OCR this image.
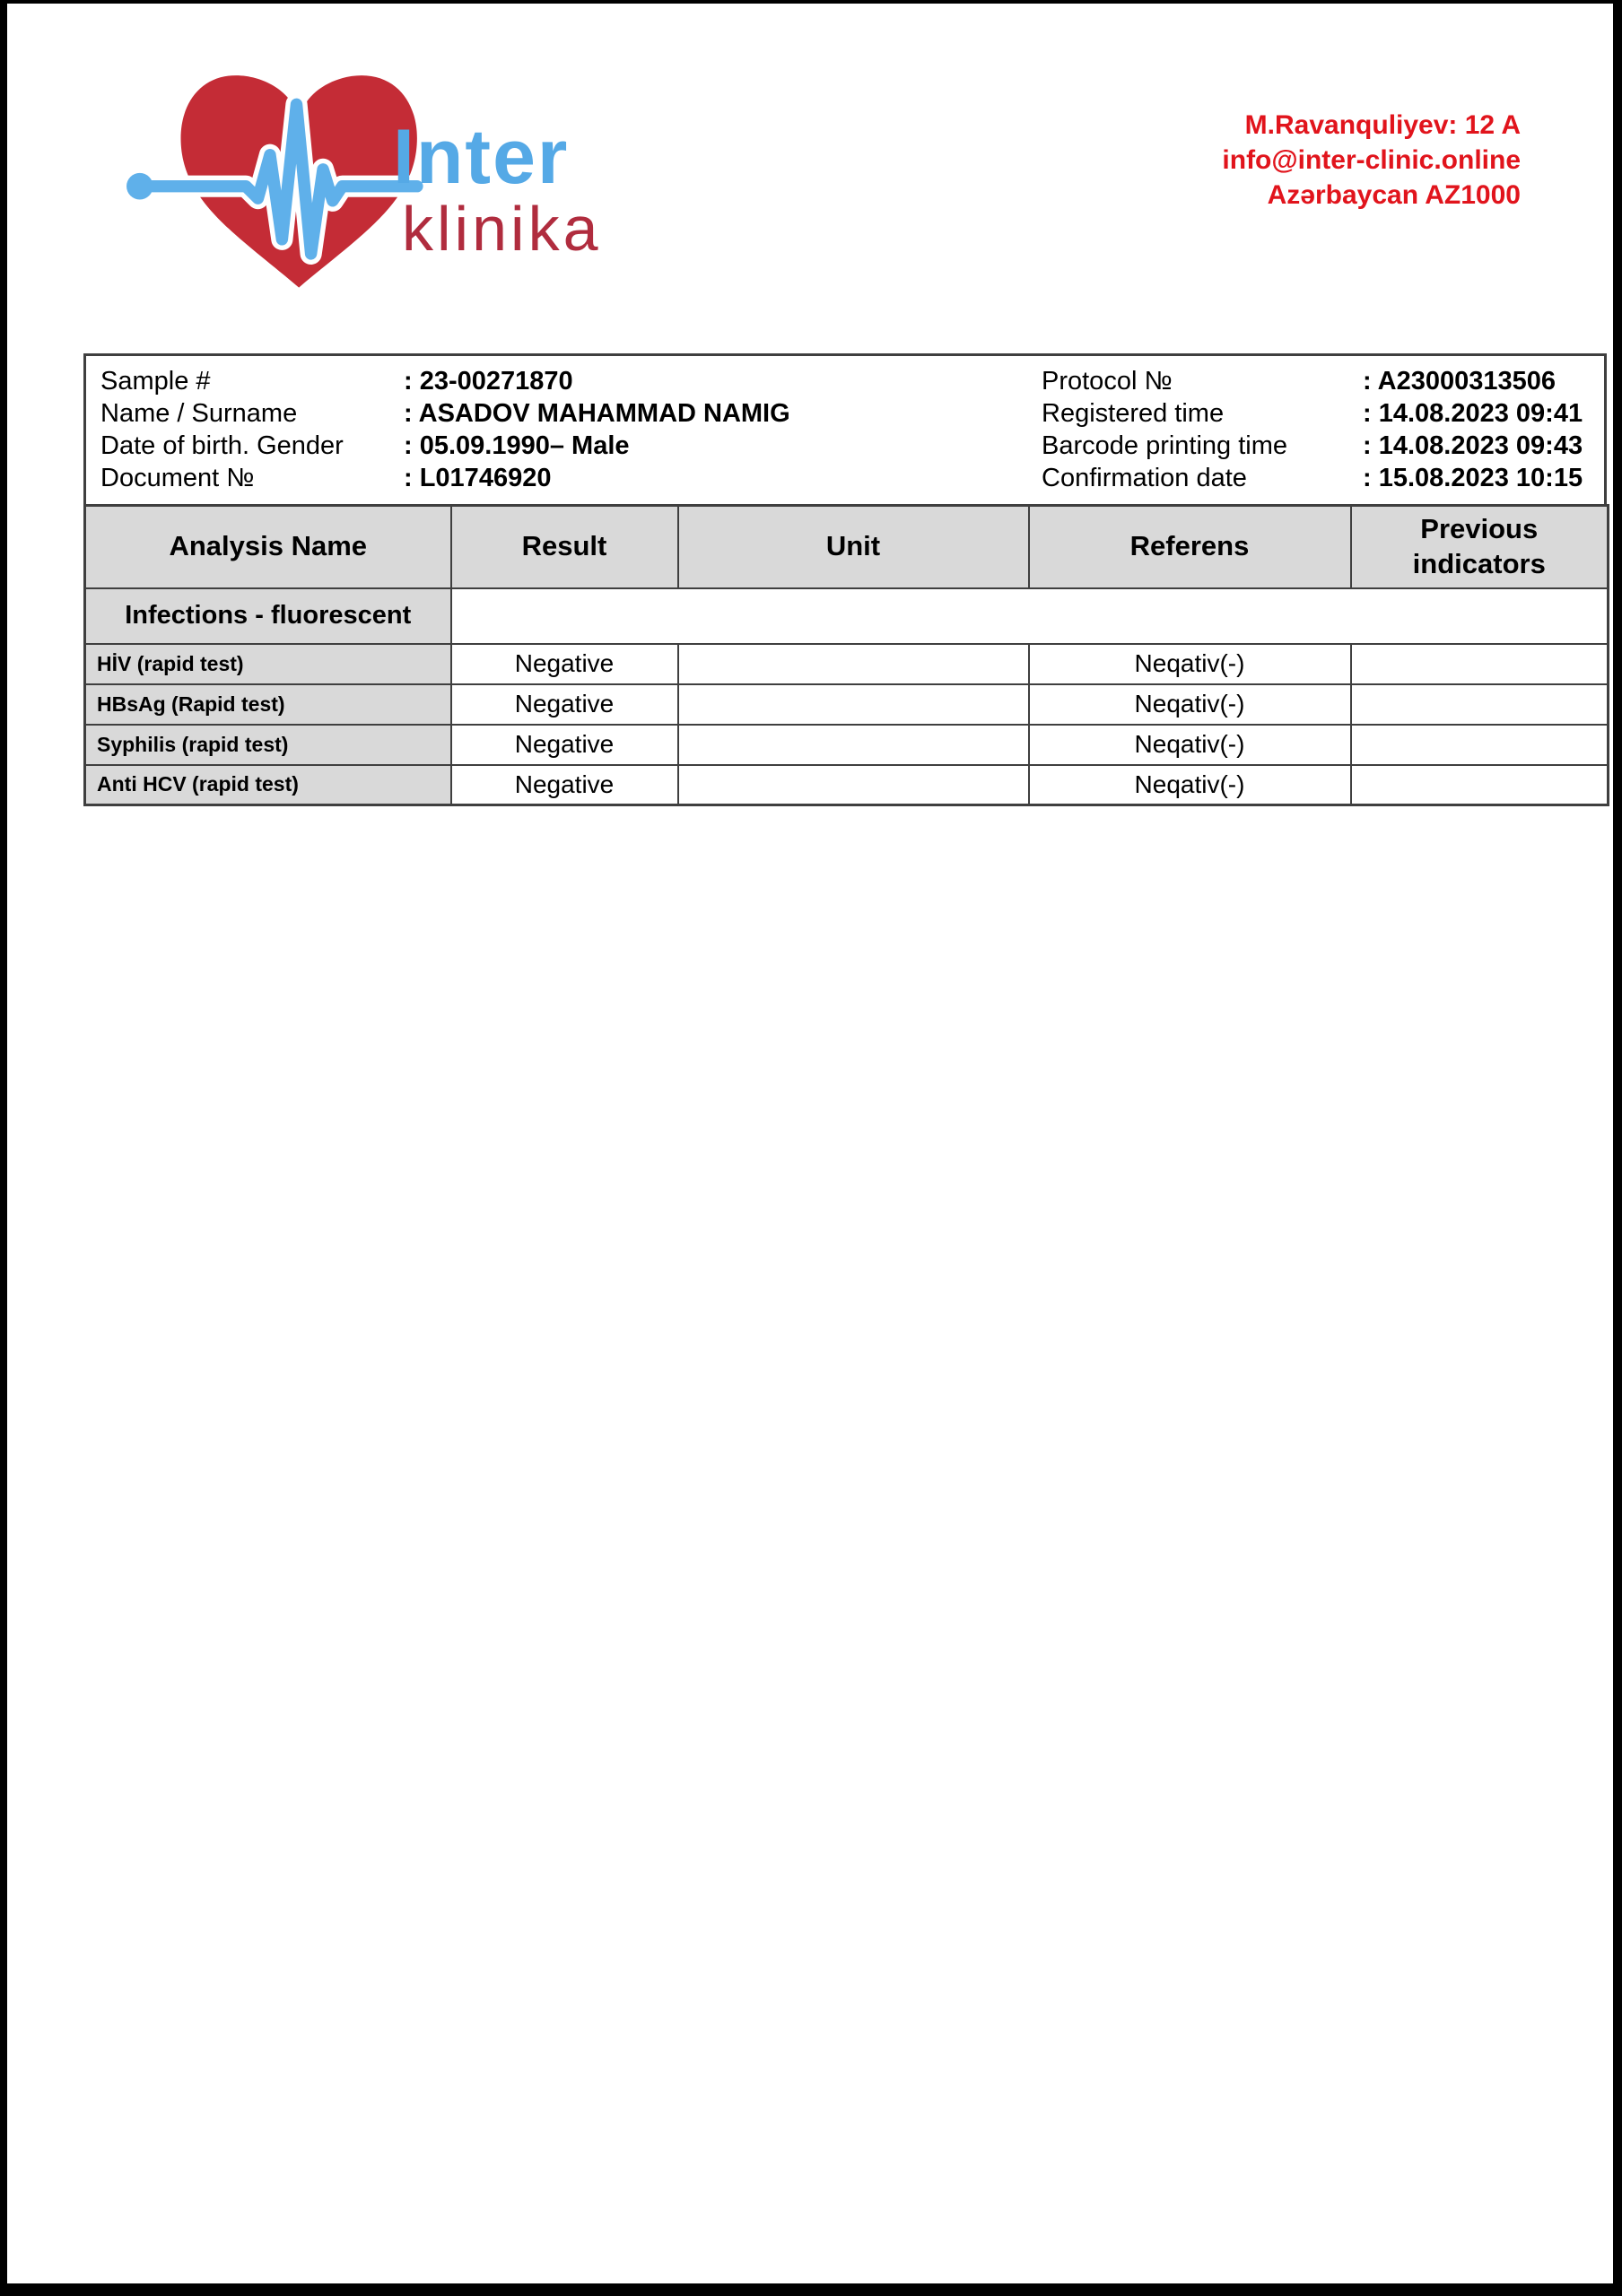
Inter
klinika
M.Ravanquliyev: 12 A
info@inter-clinic.online
Azərbaycan AZ1000
Sample #	: 23-00271870
Name / Surname	: ASADOV MAHAMMAD NAMIG
Date of birth. Gender	: 05.09.1990– Male
Document №	: L01746920
Protocol №	: A23000313506
Registered time	: 14.08.2023 09:41
Barcode printing time	: 14.08.2023 09:43
Confirmation date	: 15.08.2023 10:15
Analysis Name	Result	Unit	Referens	Previous indicators
Infections - fluorescent				
HİV (rapid test)	Negative		Neqativ(-)	
HBsAg (Rapid test)	Negative		Neqativ(-)	
Syphilis (rapid test)	Negative		Neqativ(-)	
Anti HCV (rapid test)	Negative		Neqativ(-)	
